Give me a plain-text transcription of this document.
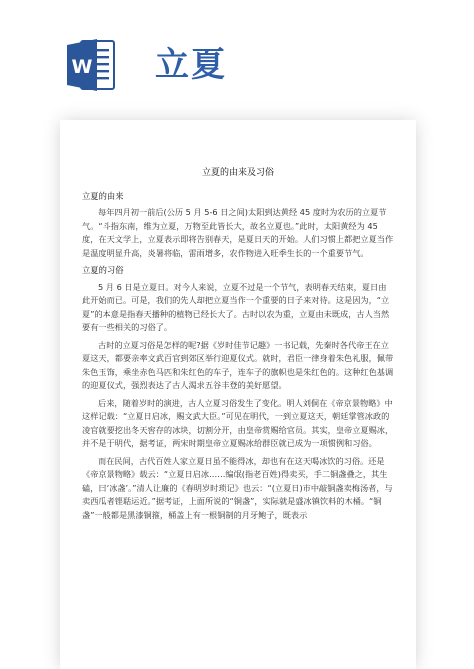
W 立夏
立夏的由来及习俗
立夏的由来

每年四月初一前后(公历 5 月 5-6 日之间)太阳到达黄经 45 度时为农历的立夏节气。“斗指东南，维为立夏，万物至此皆长大，故名立夏也。”此时，太阳黄经为 45 度，在天文学上，立夏表示即将告别春天，是夏日天的开始。人们习惯上都把立夏当作是温度明显升高，炎暑将临，雷雨增多，农作物进入旺季生长的一个重要节气。

立夏的习俗

5 月 6 日是立夏日。对今人来说，立夏不过是一个节气，表明春天结束，夏日由此开始而已。可是，我们的先人却把立夏当作一个重要的日子来对待。这是因为，“立夏”的本意是指春天播种的植物已经长大了。古时以农为重，立夏由未既成，古人当然要有一些相关的习俗了。

古时的立夏习俗是怎样的呢?据《岁时佳节记趣》一书记载，先秦时各代帝王在立夏这天，都要亲率文武百官到郊区举行迎夏仪式。就时，君臣一律身着朱色礼服，佩带朱色玉饰，乘坐赤色马匹和朱红色的车子，连车子的旗帜也是朱红色的。这种红色基调的迎夏仪式，强烈表达了古人渴求五谷丰登的美好愿望。

后来，随着岁时的演进，古人立夏习俗发生了变化。明人刘侗在《帝京景物略》中这样记载：“立夏日启冰，赐文武大臣。”可见在明代，一到立夏这天，朝廷掌管冰政的凌官就要挖出冬天窖存的冰块，切割分开，由皇帝赏赐给官员。其实，皇帝立夏赐冰，并不是于明代，据考证，两宋时期皇帝立夏赐冰给群臣就已成为一项惯例和习俗。

而在民间，古代百姓人家立夏日虽不能得冰，却也有在这天喝冰饮的习俗。还是《帝京景物略》载云：“立夏日启冰……编氓(指老百姓)得卖买，手二铜盏叠之，其生磕，曰‘冰盏’。”清人让廉的《春明岁时琐记》也云：“(立夏日)市中敲铜盏卖梅汤者，与卖西瓜者铿聒运近。”据考证，上面所说的“铜盏”，实际就是盛冰镇饮料的木桶。“铜盏”一般都是黑漆铜箍，桶盖上有一根铜制的月牙鲍子，既表示
